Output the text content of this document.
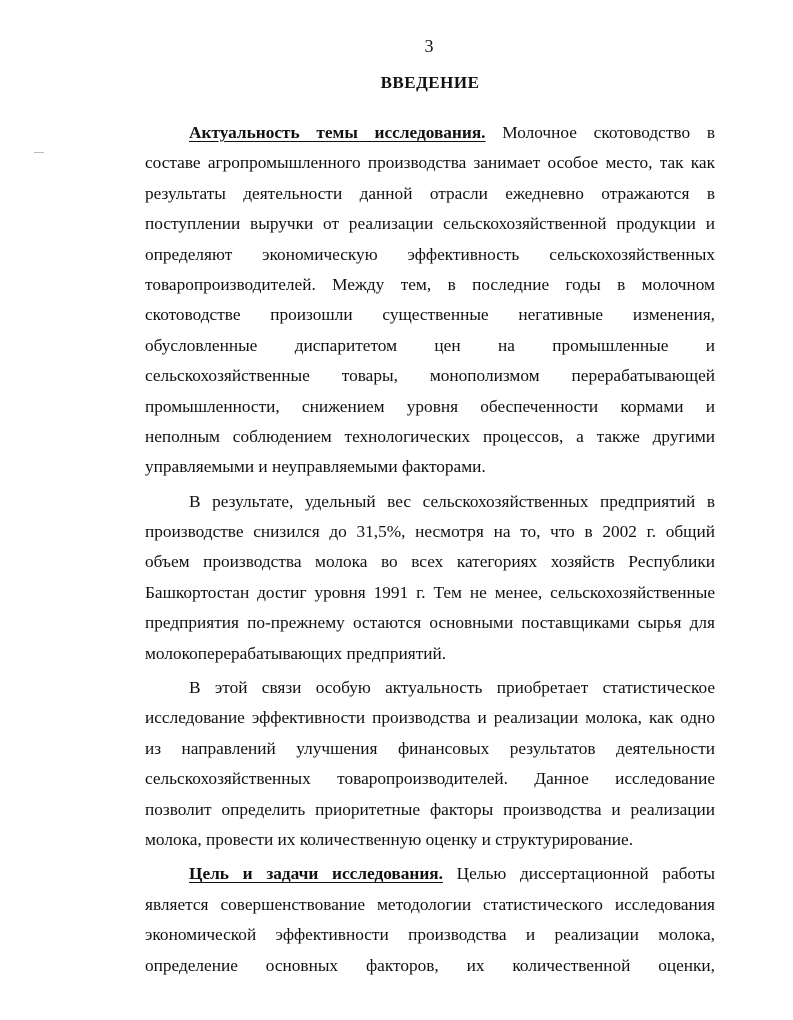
3
ВВЕДЕНИЕ
Актуальность темы исследования. Молочное скотоводство в
составе агропромышленного производства занимает особое место, так как
результаты деятельности данной отрасли ежедневно отражаются в
поступлении выручки от реализации сельскохозяйственной продукции и
определяют экономическую эффективность сельскохозяйственных
товаропроизводителей. Между тем, в последние годы в молочном
скотоводстве произошли существенные негативные изменения,
обусловленные диспаритетом цен на промышленные и
сельскохозяйственные товары, монополизмом перерабатывающей
промышленности, снижением уровня обеспеченности кормами и
неполным соблюдением технологических процессов, а также другими
управляемыми и неуправляемыми факторами.
В результате, удельный вес сельскохозяйственных предприятий в
производстве снизился до 31,5%, несмотря на то, что в 2002 г. общий
объем производства молока во всех категориях хозяйств Республики
Башкортостан достиг уровня 1991 г. Тем не менее, сельскохозяйственные
предприятия по-прежнему остаются основными поставщиками сырья для
молокоперерабатывающих предприятий.
В этой связи особую актуальность приобретает статистическое
исследование эффективности производства и реализации молока, как одно
из направлений улучшения финансовых результатов деятельности
сельскохозяйственных товаропроизводителей. Данное исследование
позволит определить приоритетные факторы производства и реализации
молока, провести их количественную оценку и структурирование.
Цель и задачи исследования. Целью диссертационной работы
является совершенствование методологии статистического исследования
экономической эффективности производства и реализации молока,
определение основных факторов, их количественной оценки,
